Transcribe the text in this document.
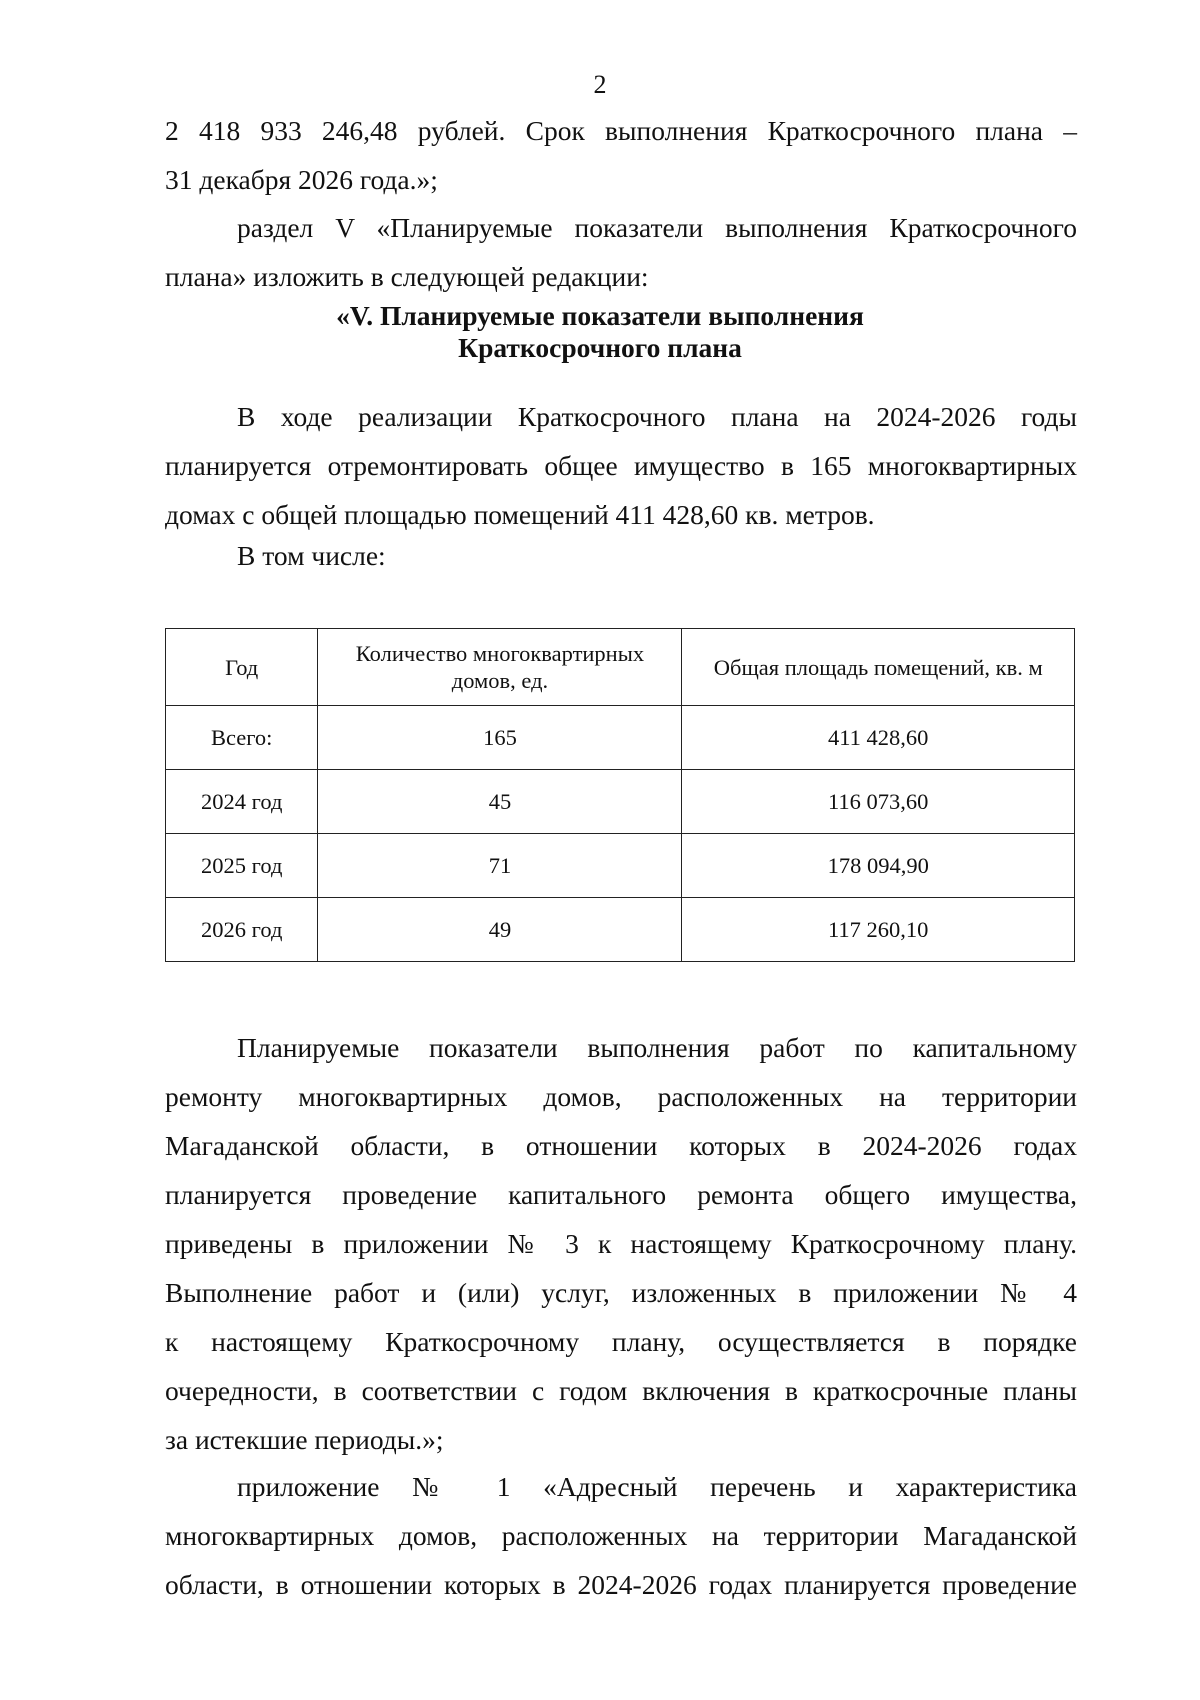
2
2 418 933 246,48 рублей. Срок выполнения Краткосрочного плана –
31 декабря 2026 года.»;
раздел V «Планируемые показатели выполнения Краткосрочного
плана» изложить в следующей редакции:
«V. Планируемые показатели выполнения
Краткосрочного плана
В ходе реализации Краткосрочного плана на 2024-2026 годы
планируется отремонтировать общее имущество в 165 многоквартирных
домах с общей площадью помещений 411 428,60 кв. метров.
В том числе:
Год	Количество многоквартирных домов, ед.	Общая площадь помещений, кв. м
Всего:	165	411 428,60
2024 год	45	116 073,60
2025 год	71	178 094,90
2026 год	49	117 260,10
Планируемые показатели выполнения работ по капитальному
ремонту многоквартирных домов, расположенных на территории
Магаданской области, в отношении которых в 2024-2026 годах
планируется проведение капитального ремонта общего имущества,
приведены в приложении № 3 к настоящему Краткосрочному плану.
Выполнение работ и (или) услуг, изложенных в приложении № 4
к настоящему Краткосрочному плану, осуществляется в порядке
очередности, в соответствии с годом включения в краткосрочные планы
за истекшие периоды.»;
приложение № 1 «Адресный перечень и характеристика
многоквартирных домов, расположенных на территории Магаданской
области, в отношении которых в 2024-2026 годах планируется проведение
